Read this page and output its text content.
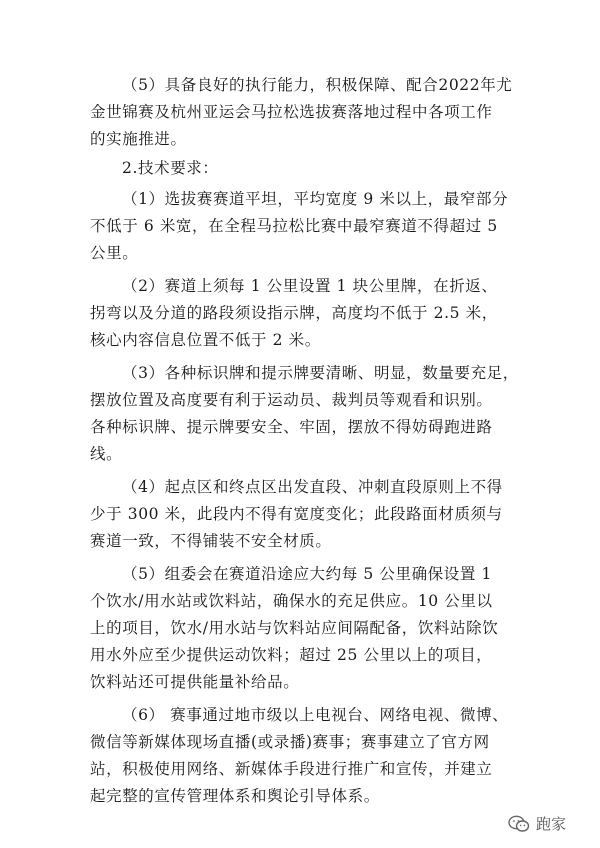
（5）具备良好的执行能力，积极保障、配合2022年尤
金世锦赛及杭州亚运会马拉松选拔赛落地过程中各项工作
的实施推进。

2.技术要求：

（1）选拔赛赛道平坦，平均宽度 9 米以上，最窄部分
不低于 6 米宽，在全程马拉松比赛中最窄赛道不得超过 5
公里。

（2）赛道上须每 1 公里设置 1 块公里牌，在折返、
拐弯以及分道的路段须设指示牌，高度均不低于 2.5 米，
核心内容信息位置不低于 2 米。

（3）各种标识牌和提示牌要清晰、明显，数量要充足，
摆放位置及高度要有利于运动员、裁判员等观看和识别。
各种标识牌、提示牌要安全、牢固，摆放不得妨碍跑进路
线。

（4）起点区和终点区出发直段、冲刺直段原则上不得
少于 300 米，此段内不得有宽度变化；此段路面材质须与
赛道一致，不得铺装不安全材质。

（5）组委会在赛道沿途应大约每 5 公里确保设置 1
个饮水/用水站或饮料站，确保水的充足供应。10 公里以
上的项目，饮水/用水站与饮料站应间隔配备，饮料站除饮
用水外应至少提供运动饮料；超过 25 公里以上的项目，
饮料站还可提供能量补给品。

（6） 赛事通过地市级以上电视台、网络电视、微博、
微信等新媒体现场直播(或录播)赛事；赛事建立了官方网
站，积极使用网络、新媒体手段进行推广和宣传，并建立
起完整的宣传管理体系和舆论引导体系。

跑家
